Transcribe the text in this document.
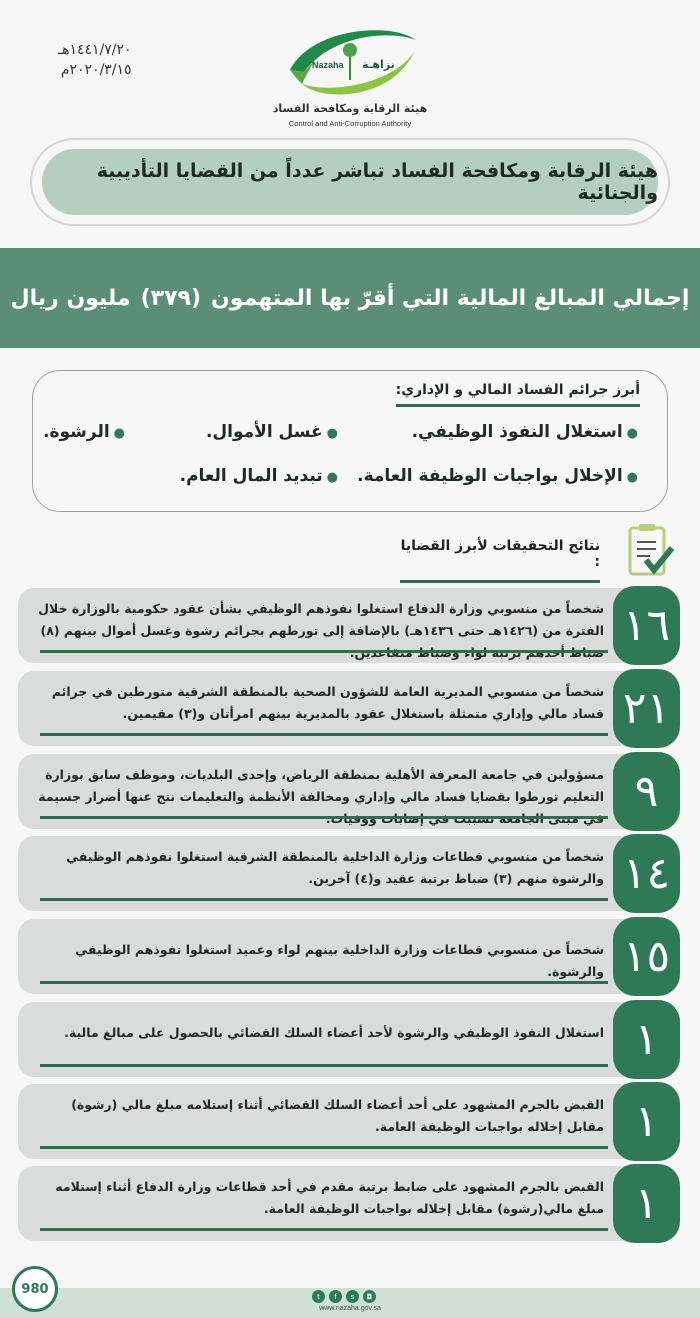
١٤٤١/٧/٢٠هـ
٢٠٢٠/٣/١٥م	Nazaha نزاهـة
هيئة الرقابة ومكافحة الفساد
Control and Anti-Corruption Authority
هيئة الرقابة ومكافحة الفساد تباشر عدداً من القضايا التأديبية والجنائية
إجمالي المبالغ المالية التي أقرّ بها المتهمون
(٣٧٩)
مليون ريال
أبرز جرائم الفساد المالي و الإداري:
●استغلال النفوذ الوظيفي.
●غسل الأموال.
●الرشوة.
●الإخلال بواجبات الوظيفة العامة.
●تبديد المال العام.
نتائج التحقيقات لأبرز القضايا :
شخصاً من منسوبي وزارة الدفاع استغلوا نفوذهم الوظيفي بشأن عقود حكومية بالوزارة خلال الفترة من (١٤٢٦هـ حتى ١٤٣٦هـ) بالإضافة إلى تورطهم بجرائم رشوة وغسل أموال بينهم (٨)	١٦
شخصاً من منسوبي المديرية العامة للشؤون الصحية بالمنطقة الشرقية متورطين في جرائم فساد مالي وإداري متمثلة باستغلال عقود بالمديرية بينهم امرأتان و(٣) مقيمين. ٢١
مسؤولين في جامعة المعرفة الأهلية بمنطقة الرياض، وإحدى البلديات، وموظف سابق بوزارة التعليم تورطوا بقضايا فساد مالي وإداري ومخالفة الأنظمة والتعليمات نتج عنها أضرار جسيمة	٩
شخصاً من منسوبي قطاعات وزارة الداخلية بالمنطقة الشرقية استغلوا نفوذهم الوظيفي والرشوة منهم (٣) ضباط برتبة عقيد و(٤) آخرين. ١٤
شخصاً من منسوبي قطاعات وزارة الداخلية بينهم لواء وعميد استغلوا نفوذهم الوظيفي والرشوة. ١٥
استغلال النفوذ الوظيفي والرشوة لأحد أعضاء السلك القضائي بالحصول على مبالغ مالية. ١
القبض بالجرم المشهود على أحد أعضاء السلك القضائي أثناء إستلامه مبلغ مالي (رشوة) مقابل إخلاله بواجبات الوظيفة العامة. ١
القبض بالجرم المشهود على ضابط برتبة مقدم في أحد قطاعات وزارة الدفاع أثناء إستلامه مبلغ مالي(رشوة) مقابل إخلاله بواجبات الوظيفة العامة. ١
980	t	f	s	◘
www.nazaha.gov.sa
